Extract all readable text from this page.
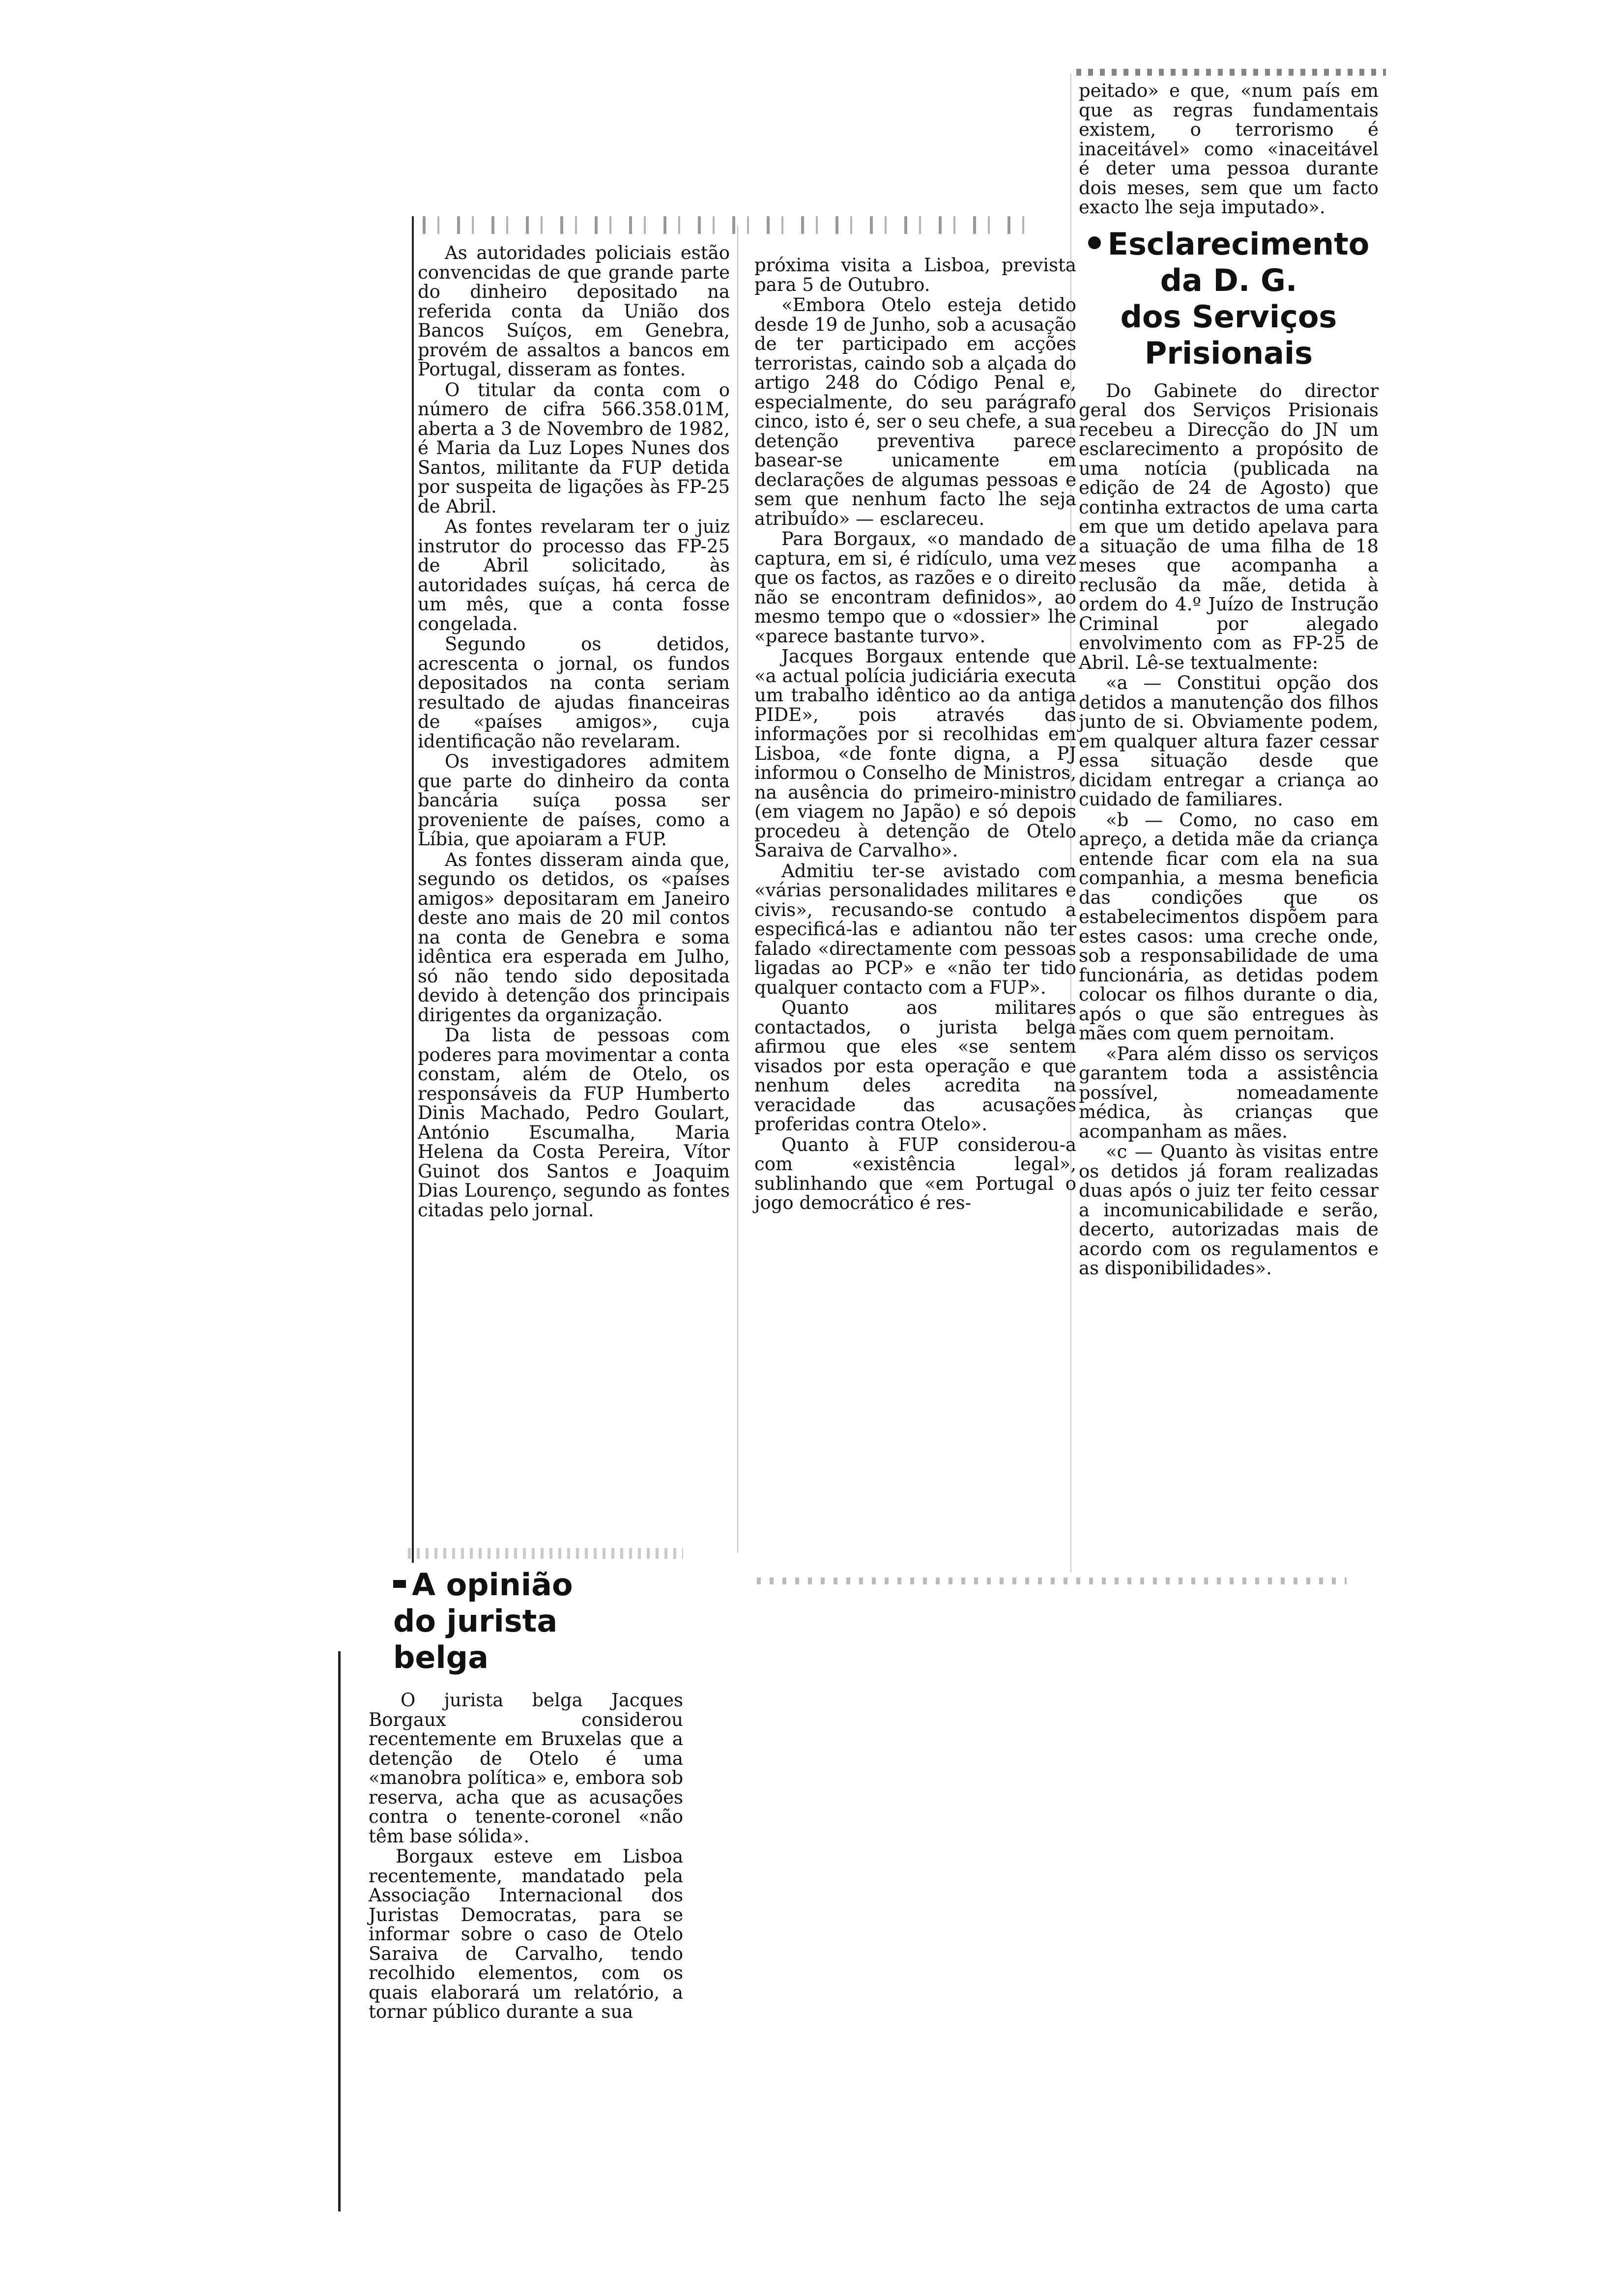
As autoridades policiais estão convencidas de que grande parte do dinheiro depositado na referida conta da União dos Bancos Suíços, em Genebra, provém de assaltos a bancos em Portugal, disseram as fontes.

O titular da conta com o número de cifra 566.358.01M, aberta a 3 de Novembro de 1982, é Maria da Luz Lopes Nunes dos Santos, militante da FUP detida por suspeita de ligações às FP-25 de Abril.

As fontes revelaram ter o juiz instrutor do processo das FP-25 de Abril solicitado, às autoridades suíças, há cerca de um mês, que a conta fosse congelada.

Segundo os detidos, acrescenta o jornal, os fundos depositados na conta seriam resultado de ajudas financeiras de «países amigos», cuja identificação não revelaram.

Os investigadores admitem que parte do dinheiro da conta bancária suíça possa ser proveniente de países, como a Líbia, que apoiaram a FUP.

As fontes disseram ainda que, segundo os detidos, os «países amigos» depositaram em Janeiro deste ano mais de 20 mil contos na conta de Genebra e soma idêntica era esperada em Julho, só não tendo sido depositada devido à detenção dos principais dirigentes da organização.

Da lista de pessoas com poderes para movimentar a conta constam, além de Otelo, os responsáveis da FUP Humberto Dinis Machado, Pedro Goulart, António Escumalha, Maria Helena da Costa Pereira, Vítor Guinot dos Santos e Joaquim Dias Lourenço, segundo as fontes citadas pelo jornal.

A opinião
do jurista
belga

O jurista belga Jacques Borgaux considerou recentemente em Bruxelas que a detenção de Otelo é uma «manobra política» e, embora sob reserva, acha que as acusações contra o tenente-coronel «não têm base sólida».

Borgaux esteve em Lisboa recentemente, mandatado pela Associação Internacional dos Juristas Democratas, para se informar sobre o caso de Otelo Saraiva de Carvalho, tendo recolhido elementos, com os quais elaborará um relatório, a tornar público durante a sua

próxima visita a Lisboa, prevista para 5 de Outubro.

«Embora Otelo esteja detido desde 19 de Junho, sob a acusação de ter participado em acções terroristas, caindo sob a alçada do artigo 248 do Código Penal e, especialmente, do seu parágrafo cinco, isto é, ser o seu chefe, a sua detenção preventiva parece basear-se unicamente em declarações de algumas pessoas e sem que nenhum facto lhe seja atribuído» — esclareceu.

Para Borgaux, «o mandado de captura, em si, é ridículo, uma vez que os factos, as razões e o direito não se encontram definidos», ao mesmo tempo que o «dossier» lhe «parece bastante turvo».

Jacques Borgaux entende que «a actual polícia judiciária executa um trabalho idêntico ao da antiga PIDE», pois através das informações por si recolhidas em Lisboa, «de fonte digna, a PJ informou o Conselho de Ministros, na ausência do primeiro-ministro (em viagem no Japão) e só depois procedeu à detenção de Otelo Saraiva de Carvalho».

Admitiu ter-se avistado com «várias personalidades militares e civis», recusando-se contudo a especificá-las e adiantou não ter falado «directamente com pessoas ligadas ao PCP» e «não ter tido qualquer contacto com a FUP».

Quanto aos militares contactados, o jurista belga afirmou que eles «se sentem visados por esta operação e que nenhum deles acredita na veracidade das acusações proferidas contra Otelo».

Quanto à FUP considerou-a com «existência legal», sublinhando que «em Portugal o jogo democrático é res-

peitado» e que, «num país em que as regras fundamentais existem, o terrorismo é inaceitável» como «inaceitável é deter uma pessoa durante dois meses, sem que um facto exacto lhe seja imputado».

Esclarecimento
da D. G.
dos Serviços
Prisionais

Do Gabinete do director geral dos Serviços Prisionais recebeu a Direcção do JN um esclarecimento a propósito de uma notícia (publicada na edição de 24 de Agosto) que continha extractos de uma carta em que um detido apelava para a situação de uma filha de 18 meses que acompanha a reclusão da mãe, detida à ordem do 4.º Juízo de Instrução Criminal por alegado envolvimento com as FP-25 de Abril. Lê-se textualmente:

«a — Constitui opção dos detidos a manutenção dos filhos junto de si. Obviamente podem, em qualquer altura fazer cessar essa situação desde que dicidam entregar a criança ao cuidado de familiares.

«b — Como, no caso em apreço, a detida mãe da criança entende ficar com ela na sua companhia, a mesma beneficia das condições que os estabelecimentos dispõem para estes casos: uma creche onde, sob a responsabilidade de uma funcionária, as detidas podem colocar os filhos durante o dia, após o que são entregues às mães com quem pernoitam.

«Para além disso os serviços garantem toda a assistência possível, nomeadamente médica, às crianças que acompanham as mães.

«c — Quanto às visitas entre os detidos já foram realizadas duas após o juiz ter feito cessar a incomunicabilidade e serão, decerto, autorizadas mais de acordo com os regulamentos e as disponibilidades».
